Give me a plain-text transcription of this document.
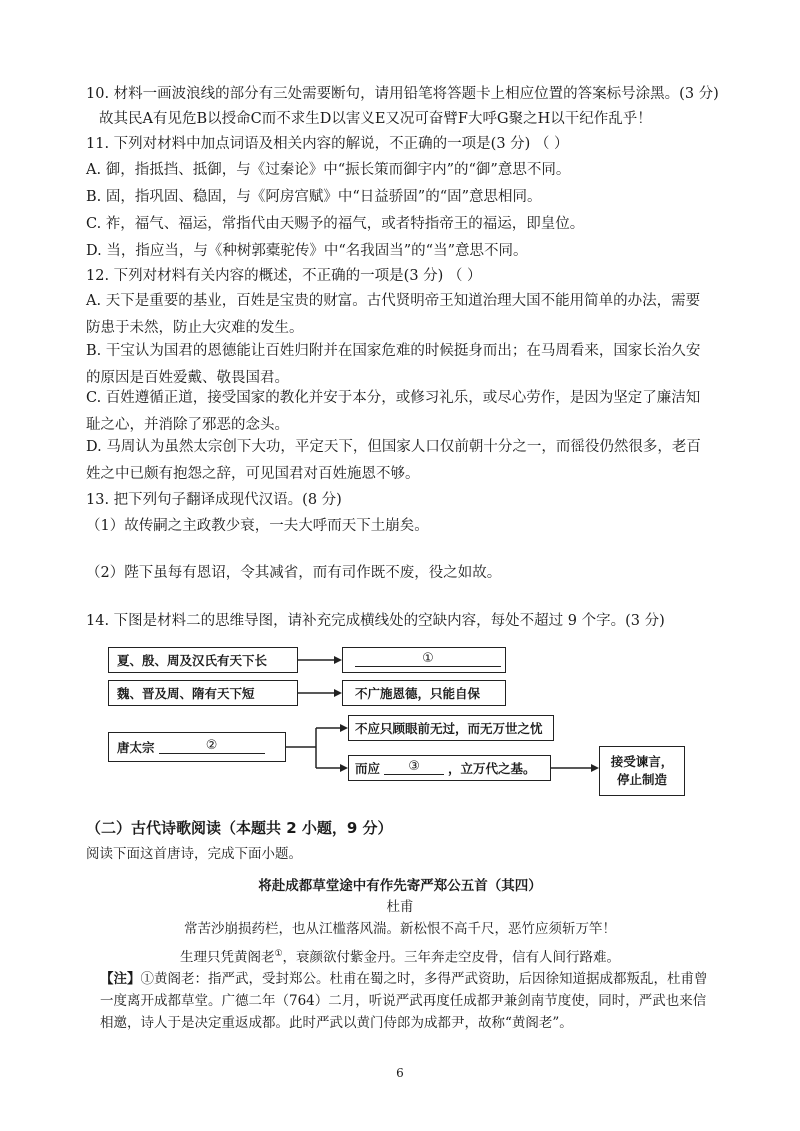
10. 材料一画波浪线的部分有三处需要断句，请用铅笔将答题卡上相应位置的答案标号涂黑。(3 分)
故其民A有见危B以授命C而不求生D以害义E又况可奋臂F大呼G聚之H以干纪作乱乎！
11. 下列对材料中加点词语及相关内容的解说，不正确的一项是(3 分) （ ）
A. 御，指抵挡、抵御，与《过秦论》中“振长策而御宇内”的“御”意思不同。
B. 固，指巩固、稳固，与《阿房宫赋》中“日益骄固”的“固”意思相同。
C. 祚，福气、福运，常指代由天赐予的福气，或者特指帝王的福运，即皇位。
D. 当，指应当，与《种树郭橐驼传》中“名我固当”的“当”意思不同。
12. 下列对材料有关内容的概述，不正确的一项是(3 分) （ ）
A. 天下是重要的基业，百姓是宝贵的财富。古代贤明帝王知道治理大国不能用简单的办法，需要防患于未然，防止大灾难的发生。
B. 干宝认为国君的恩德能让百姓归附并在国家危难的时候挺身而出；在马周看来，国家长治久安的原因是百姓爱戴、敬畏国君。
C. 百姓遵循正道，接受国家的教化并安于本分，或修习礼乐，或尽心劳作，是因为坚定了廉洁知耻之心，并消除了邪恶的念头。
D. 马周认为虽然太宗创下大功，平定天下，但国家人口仅前朝十分之一，而徭役仍然很多，老百姓之中已颇有抱怨之辞，可见国君对百姓施恩不够。
13. 把下列句子翻译成现代汉语。(8 分)
（1）故传嗣之主政教少衰，一夫大呼而天下土崩矣。
（2）陛下虽每有恩诏，令其减省，而有司作既不废，役之如故。
14. 下图是材料二的思维导图，请补充完成横线处的空缺内容，每处不超过 9 个字。(3 分)
夏、殷、周及汉氏有天下长	①
魏、晋及周、隋有天下短	不广施恩德，只能自保
唐太宗	②
不应只顾眼前无过，而无万世之忧
而应	③	，立万代之基。	接受谏言，
停止制造
（二）古代诗歌阅读（本题共 2 小题，9 分）
阅读下面这首唐诗，完成下面小题。
将赴成都草堂途中有作先寄严郑公五首（其四）
杜甫
常苦沙崩损药栏，也从江槛落风湍。新松恨不高千尺，恶竹应须斩万竿！
生理只凭黄阁老①，衰颜欲付紫金丹。三年奔走空皮骨，信有人间行路难。
【注】①黄阁老：指严武，受封郑公。杜甫在蜀之时，多得严武资助，后因徐知道据成都叛乱，杜甫曾一度离开成都草堂。广德二年（764）二月，听说严武再度任成都尹兼剑南节度使，同时，严武也来信相邀，诗人于是决定重返成都。此时严武以黄门侍郎为成都尹，故称“黄阁老”。
6
